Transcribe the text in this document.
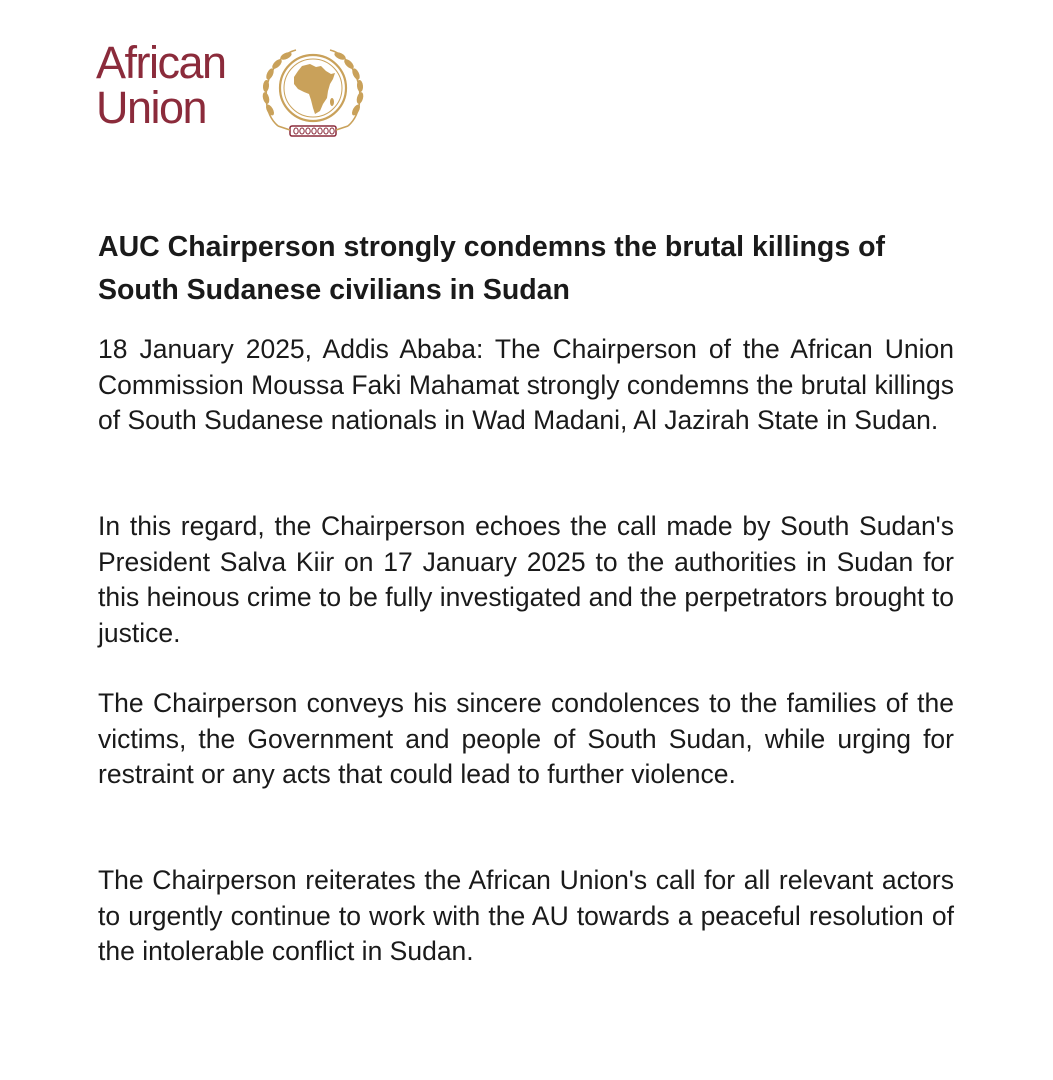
African
Union
AUC Chairperson strongly condemns the brutal killings of South Sudanese civilians in Sudan

18 January 2025, Addis Ababa: The Chairperson of the African Union Commission Moussa Faki Mahamat strongly condemns the brutal killings of South Sudanese nationals in Wad Madani, Al Jazirah State in Sudan.

In this regard, the Chairperson echoes the call made by South Sudan's President Salva Kiir on 17 January 2025 to the authorities in Sudan for this heinous crime to be fully investigated and the perpetrators brought to justice.

The Chairperson conveys his sincere condolences to the families of the victims, the Government and people of South Sudan, while urging for restraint or any acts that could lead to further violence.

The Chairperson reiterates the African Union's call for all relevant actors to urgently continue to work with the AU towards a peaceful resolution of the intolerable conflict in Sudan.
